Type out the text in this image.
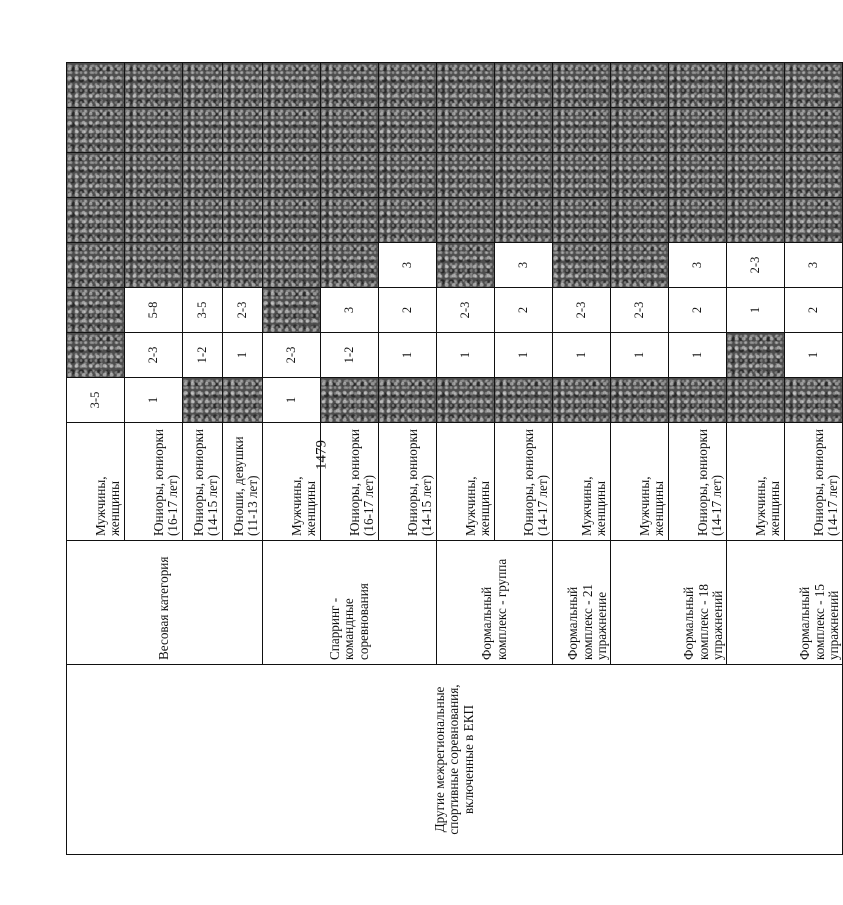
1479
Другие межрегиональные спортивные соревнования, включенные в ЕКП	Весовая категория	Мужчины, женщины	3-5							
		Юниоры, юниорки (16-17 лет)	1	2-3	5-8					
		Юниоры, юниорки (14-15 лет)		1-2	3-5					
		Юноши, девушки (11-13 лет)		1	2-3					
	Спарринг - командные соревнования	Мужчины, женщины	1	2-3						
		Юниоры, юниорки (16-17 лет)		1-2	3					
		Юниоры, юниорки (14-15 лет)		1	2	3				
	Формальный комплекс - группа	Мужчины, женщины		1	2-3					
		Юниоры, юниорки (14-17 лет)		1	2	3				
	Формальный комплекс - 21 упражнение	Мужчины, женщины		1	2-3					
	Формальный комплекс - 18 упражнений	Мужчины, женщины		1	2-3					
		Юниоры, юниорки (14-17 лет)		1	2	3				
	Формальный комплекс - 15 упражнений	Мужчины, женщины			1	2-3				
		Юниоры, юниорки (14-17 лет)		1	2	3				
